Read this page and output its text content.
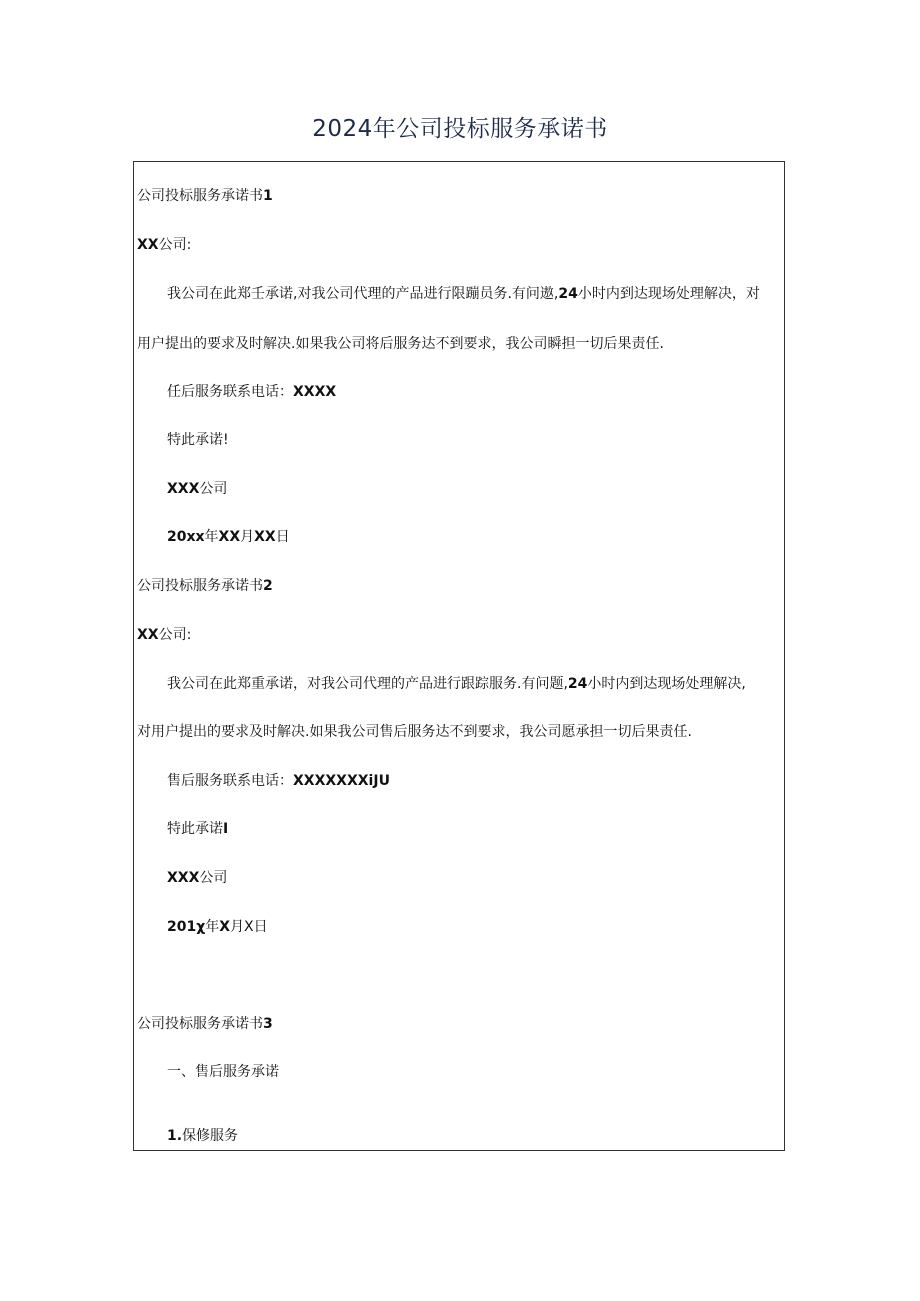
2024年公司投标服务承诺书
公司投标服务承诺书1
XX公司:
我公司在此郑壬承诺,对我公司代理的产品进行限蹦员务.有问遨,24小时内到达现场处理解决，对
用户提出的要求及时解决.如果我公司将后服务达不到要求，我公司瞬担一切后果责任.
任后服务联系电话：XXXX
特此承诺!
XXX公司
20xx年XX月XX日
公司投标服务承诺书2
XX公司:
我公司在此郑重承诺，对我公司代理的产品进行跟踪服务.有问题,24小时内到达现场处理解决,
对用户提出的要求及时解决.如果我公司售后服务达不到要求，我公司愿承担一切后果责任.
售后服务联系电话：XXXXXXXiJU
特此承诺I
XXX公司
201χ年X月X日
公司投标服务承诺书3
一、售后服务承诺
1.保修服务
